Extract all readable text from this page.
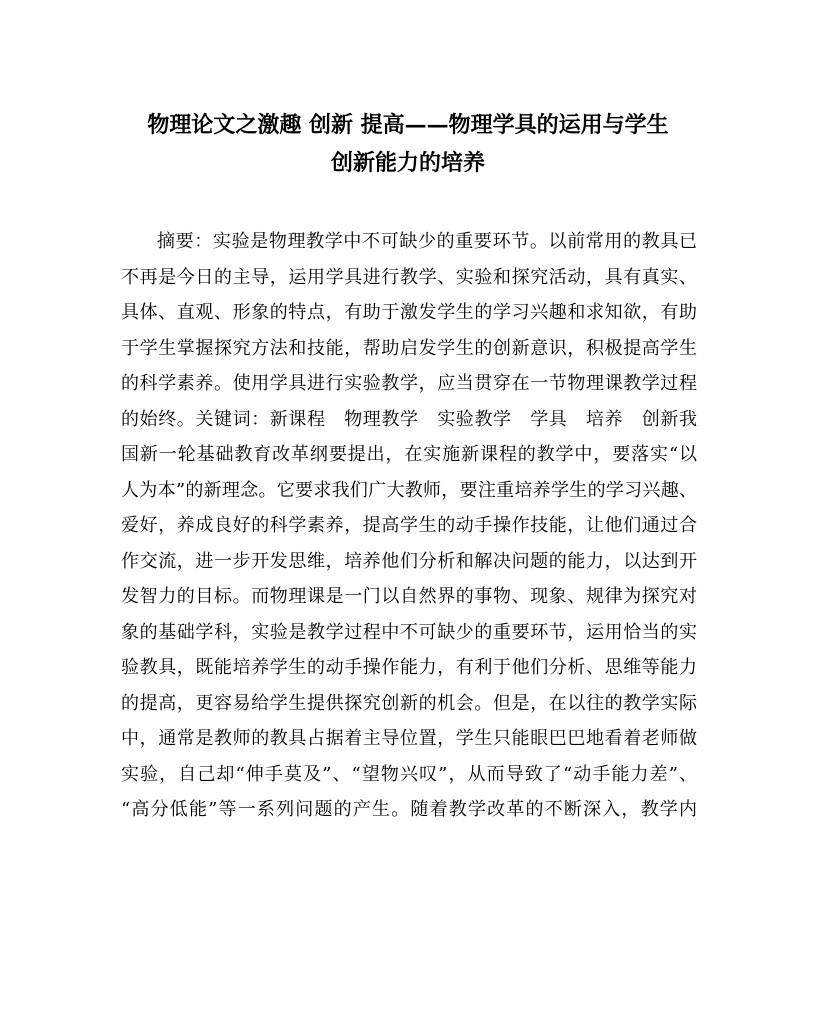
物理论文之激趣 创新 提高——物理学具的运用与学生
创新能力的培养
摘要：实验是物理教学中不可缺少的重要环节。以前常用的教具已
不再是今日的主导，运用学具进行教学、实验和探究活动，具有真实、
具体、直观、形象的特点，有助于激发学生的学习兴趣和求知欲，有助
于学生掌握探究方法和技能，帮助启发学生的创新意识，积极提高学生
的科学素养。使用学具进行实验教学，应当贯穿在一节物理课教学过程
的始终。关键词：新课程　物理教学　实验教学　学具　培养　创新我
国新一轮基础教育改革纲要提出，在实施新课程的教学中，要落实“以
人为本”的新理念。它要求我们广大教师，要注重培养学生的学习兴趣、
爱好，养成良好的科学素养，提高学生的动手操作技能，让他们通过合
作交流，进一步开发思维，培养他们分析和解决问题的能力，以达到开
发智力的目标。而物理课是一门以自然界的事物、现象、规律为探究对
象的基础学科，实验是教学过程中不可缺少的重要环节，运用恰当的实
验教具，既能培养学生的动手操作能力，有利于他们分析、思维等能力
的提高，更容易给学生提供探究创新的机会。但是，在以往的教学实际
中，通常是教师的教具占据着主导位置，学生只能眼巴巴地看着老师做
实验，自己却“伸手莫及”、“望物兴叹”，从而导致了“动手能力差”、
“高分低能”等一系列问题的产生。随着教学改革的不断深入，教学内
